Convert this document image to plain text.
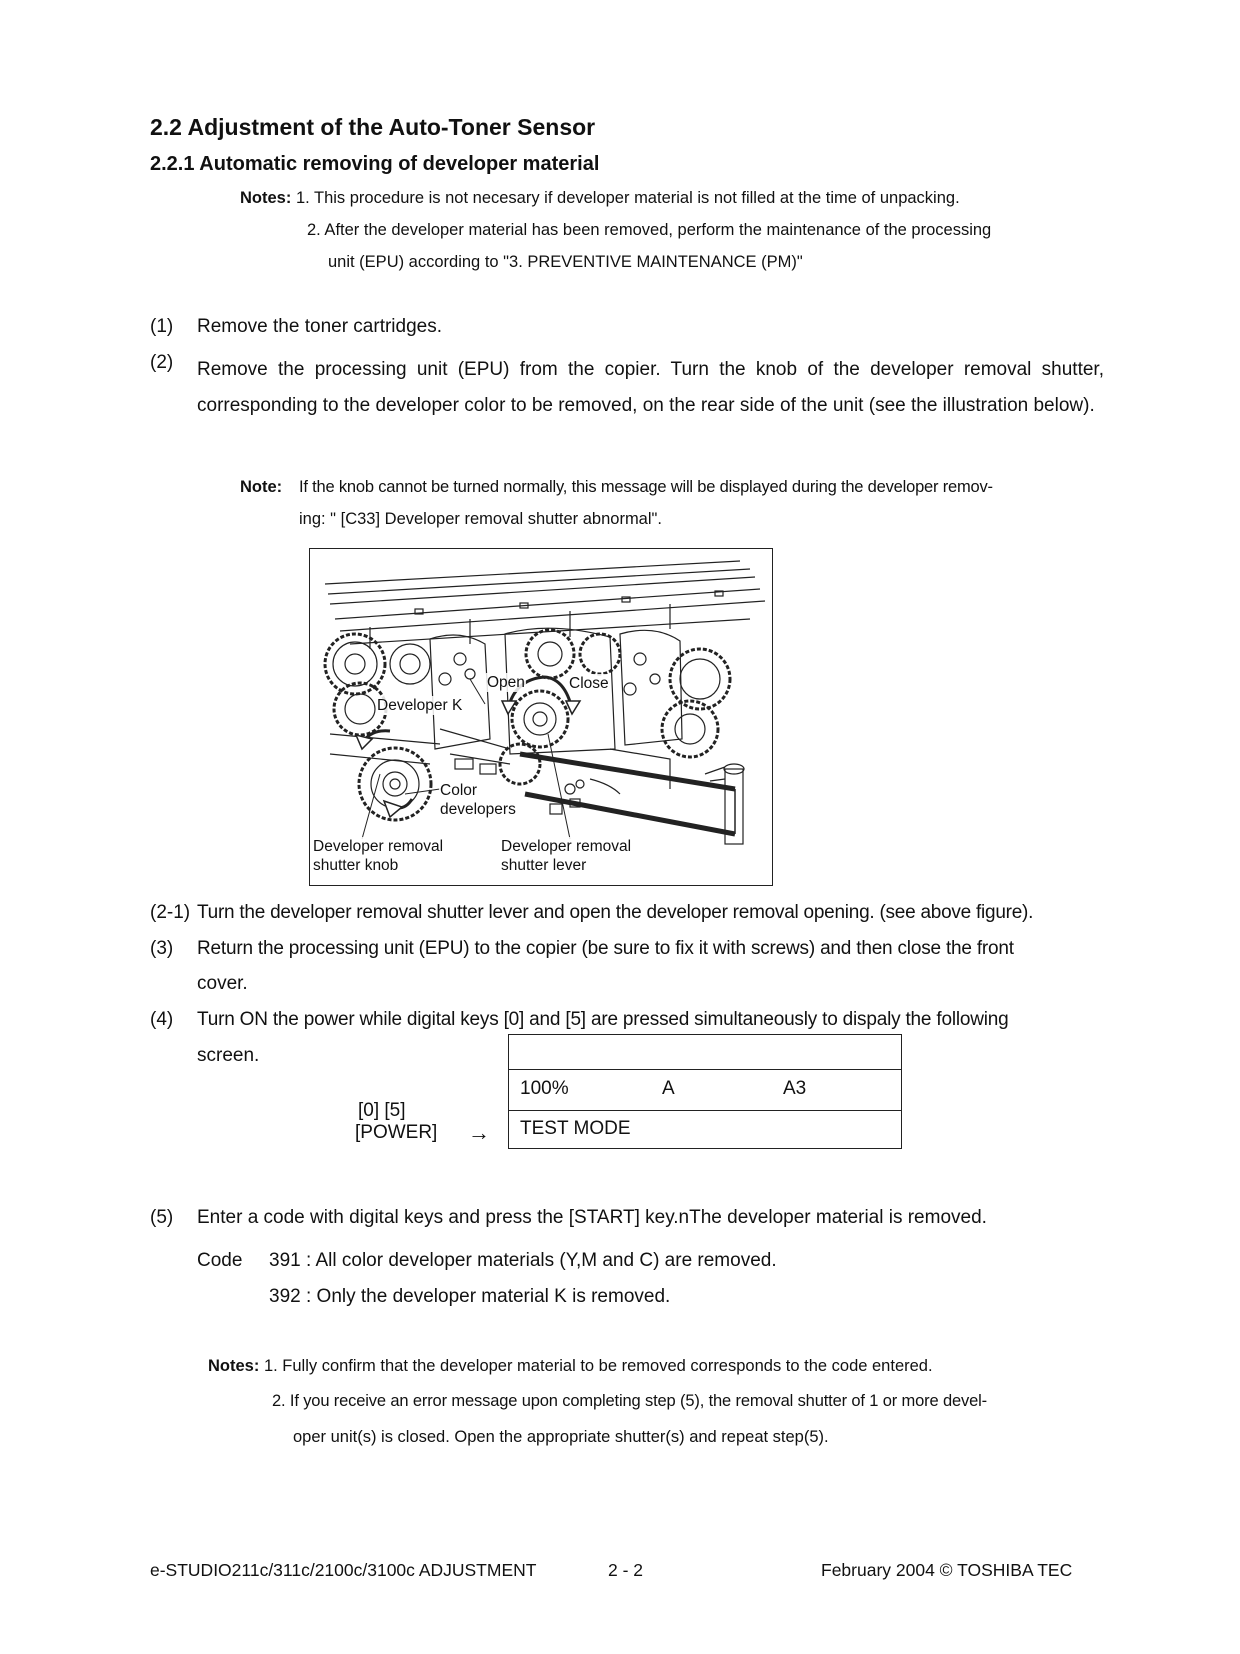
2.2 Adjustment of the Auto-Toner Sensor
2.2.1 Automatic removing of developer material
Notes: 1. This procedure is not necesary if developer material is not filled at the time of unpacking.
2. After the developer material has been removed, perform the maintenance of the processing
unit (EPU) according to "3. PREVENTIVE MAINTENANCE (PM)"
(1) Remove the toner cartridges.
(2) Remove the processing unit (EPU) from the copier. Turn the knob of the developer removal shutter, corresponding to the developer color to be removed, on the rear side of the unit (see the illustration below).
Note: If the knob cannot be turned normally, this message will be displayed during the developer remov-
ing: " [C33] Developer removal shutter abnormal".
Open	Close
Developer K
Color
developers
Developer removal
shutter knob
Developer removal
shutter lever
(2-1) Turn the developer removal shutter lever and open the developer removal opening. (see above figure).
(3) Return the processing unit (EPU) to the copier (be sure to fix it with screws) and then close the front
cover.
(4) Turn ON the power while digital keys [0] and [5] are pressed simultaneously to dispaly the following
screen.
[0] [5]
[POWER] →
100%	A	A3
TEST MODE
(5) Enter a code with digital keys and press the [START] key.nThe developer material is removed.
Code 391 : All color developer materials (Y,M and C) are removed.
392 : Only the developer material K is removed.
Notes: 1. Fully confirm that the developer material to be removed corresponds to the code entered.
2. If you receive an error message upon completing step (5), the removal shutter of 1 or more devel-
oper unit(s) is closed. Open the appropriate shutter(s) and repeat step(5).
e-STUDIO211c/311c/2100c/3100c ADJUSTMENT	2 - 2	February 2004 © TOSHIBA TEC
